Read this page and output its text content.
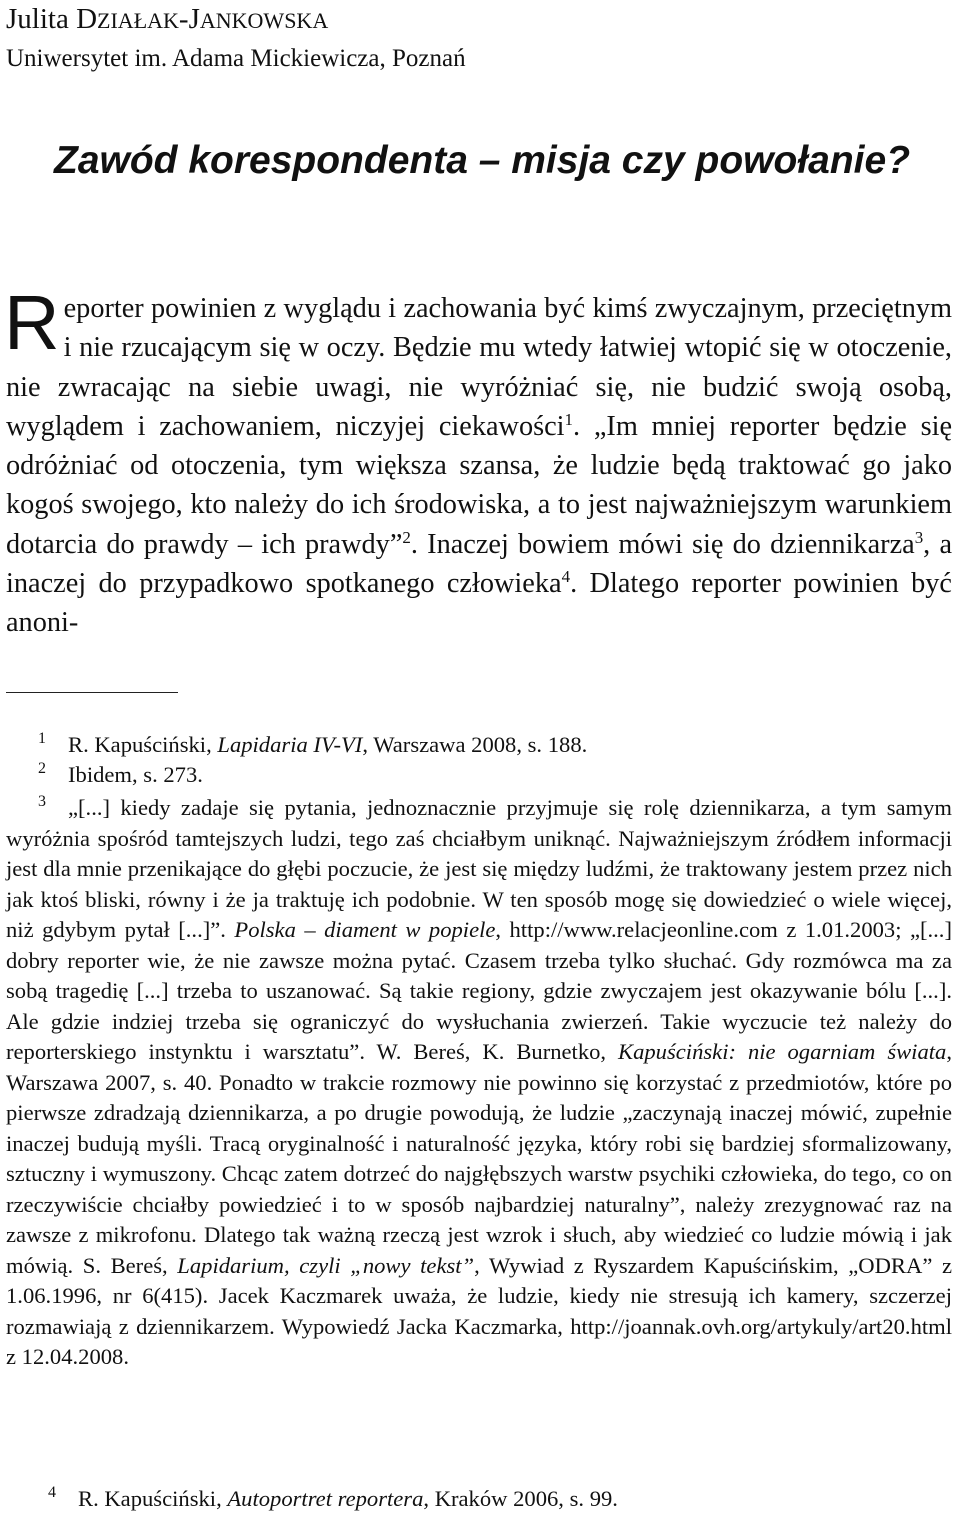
Julita DZIAŁAK-JANKOWSKA
Uniwersytet im. Adama Mickiewicza, Poznań
Zawód korespondenta – misja czy powołanie?

Reporter powinien z wyglądu i zachowania być kimś zwyczajnym, przeciętnym i nie rzucającym się w oczy. Będzie mu wtedy łatwiej wtopić się w otoczenie, nie zwracając na siebie uwagi, nie wyróżniać się, nie budzić swoją osobą, wyglądem i zachowaniem, niczyjej ciekawości$^1$. „Im mniej reporter będzie się odróżniać od otoczenia, tym większa szansa, że ludzie będą traktować go jako kogoś swojego, kto należy do ich środowiska, a to jest najważniejszym warunkiem dotarcia do prawdy – ich prawdy”$^2$. Inaczej bowiem mówi się do dziennikarza$^3$, a inaczej do przypadkowo spotkanego człowieka$^4$. Dlatego reporter powinien być anoni-

1 R. Kapuściński, Lapidaria IV-VI, Warszawa 2008, s. 188.
2 Ibidem, s. 273.
3 „[...] kiedy zadaje się pytania, jednoznacznie przyjmuje się rolę dziennikarza, a tym samym wyróżnia spośród tamtejszych ludzi, tego zaś chciałbym uniknąć. Najważniejszym źródłem informacji jest dla mnie przenikające do głębi poczucie, że jest się między ludźmi, że traktowany jestem przez nich jak ktoś bliski, równy i że ja traktuję ich podobnie. W ten sposób mogę się dowiedzieć o wiele więcej, niż gdybym pytał [...]”. Polska – diament w popiele, http://www.relacjeonline.com z 1.01.2003; „[...] dobry reporter wie, że nie zawsze można pytać. Czasem trzeba tylko słuchać. Gdy rozmówca ma za sobą tragedię [...] trzeba to uszanować. Są takie regiony, gdzie zwyczajem jest okazywanie bólu [...]. Ale gdzie indziej trzeba się ograniczyć do wysłuchania zwierzeń. Takie wyczucie też należy do reporterskiego instynktu i warsztatu”. W. Bereś, K. Burnetko, Kapuściński: nie ogarniam świata, Warszawa 2007, s. 40. Ponadto w trakcie rozmowy nie powinno się korzystać z przedmiotów, które po pierwsze zdradzają dziennikarza, a po drugie powodują, że ludzie „zaczynają inaczej mówić, zupełnie inaczej budują myśli. Tracą oryginalność i naturalność języka, który robi się bardziej sformalizowany, sztuczny i wymuszony. Chcąc zatem dotrzeć do najgłębszych warstw psychiki człowieka, do tego, co on rzeczywiście chciałby powiedzieć i to w sposób najbardziej naturalny”, należy zrezygnować raz na zawsze z mikrofonu. Dlatego tak ważną rzeczą jest wzrok i słuch, aby wiedzieć co ludzie mówią i jak mówią. S. Bereś, Lapidarium, czyli „nowy tekst”, Wywiad z Ryszardem Kapuścińskim, „ODRA” z 1.06.1996, nr 6(415). Jacek Kaczmarek uważa, że ludzie, kiedy nie stresują ich kamery, szczerzej rozmawiają z dziennikarzem. Wypowiedź Jacka Kaczmarka, http://joannak.ovh.org/artykuly/art20.html z 12.04.2008.
4 R. Kapuściński, Autoportret reportera, Kraków 2006, s. 99.
